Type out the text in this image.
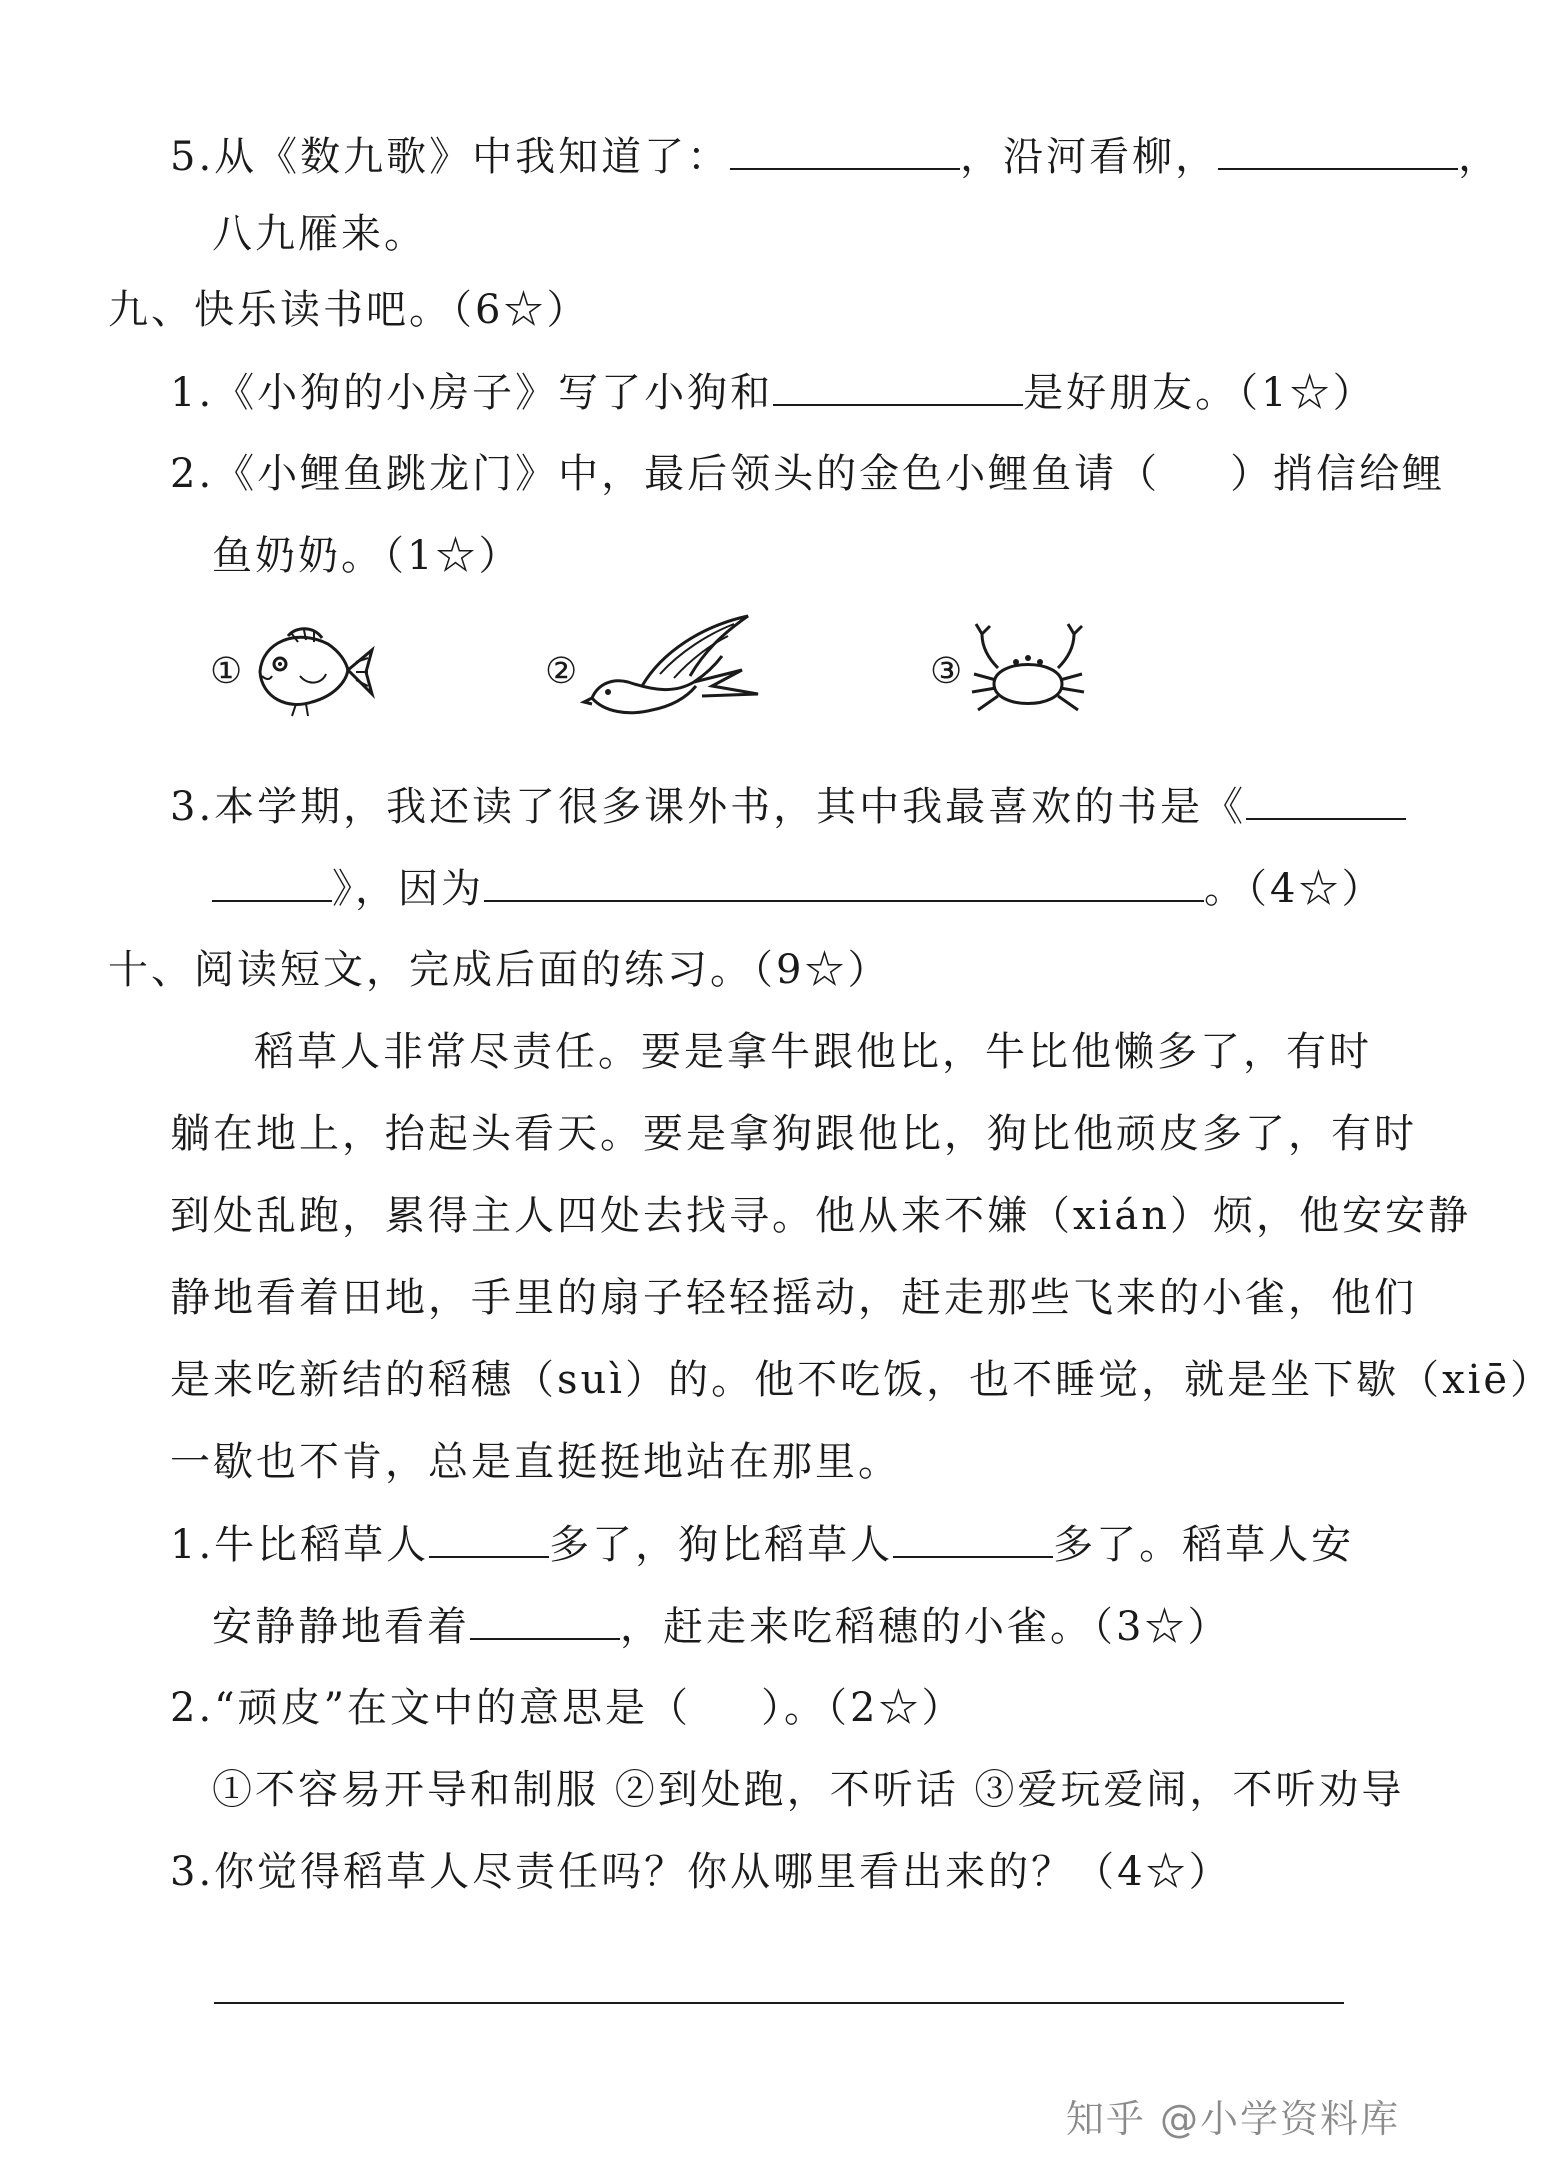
5.从《数九歌》中我知道了：	，沿河看柳，	，
八九雁来。
九、快乐读书吧。（6☆）
1.《小狗的小房子》写了小狗和	是好朋友。（1☆）
2.《小鲤鱼跳龙门》中，最后领头的金色小鲤鱼请（ ）捎信给鲤
鱼奶奶。（1☆）
①	②	③
3.本学期，我还读了很多课外书，其中我最喜欢的书是《
》，因为	。（4☆）
十、阅读短文，完成后面的练习。（9☆）
稻草人非常尽责任。要是拿牛跟他比，牛比他懒多了，有时
躺在地上，抬起头看天。要是拿狗跟他比，狗比他顽皮多了，有时
到处乱跑，累得主人四处去找寻。他从来不嫌（xián）烦，他安安静
静地看着田地，手里的扇子轻轻摇动，赶走那些飞来的小雀，他们
是来吃新结的稻穗（suì）的。他不吃饭，也不睡觉，就是坐下歇（xiē）
一歇也不肯，总是直挺挺地站在那里。
1.牛比稻草人	多了，狗比稻草人	多了。稻草人安
安静静地看着	，赶走来吃稻穗的小雀。（3☆）
2.“顽皮”在文中的意思是（ ）。（2☆）
①不容易开导和制服 ②到处跑，不听话 ③爱玩爱闹，不听劝导
3.你觉得稻草人尽责任吗？你从哪里看出来的？（4☆）
知乎 @小学资料库
